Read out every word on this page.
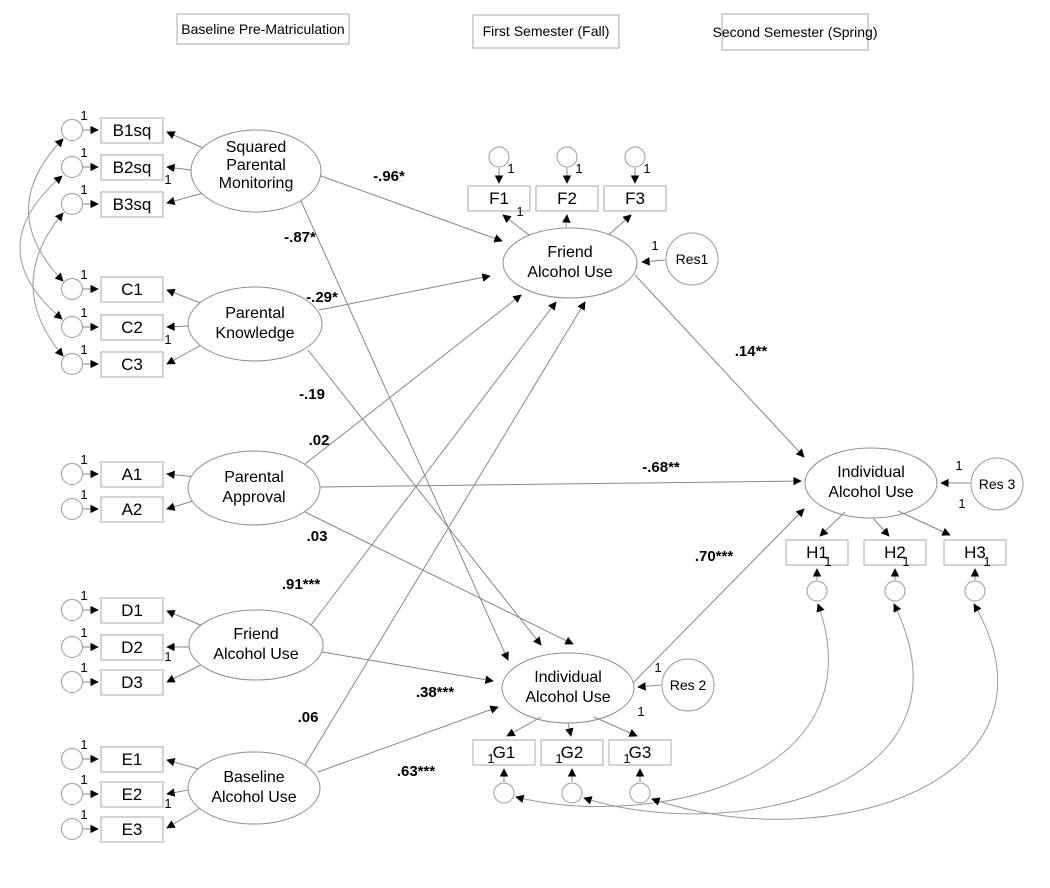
Baseline Pre-Matriculation	First Semester (Fall)	Second Semester (Spring)
-.96*
-.87*
-.29*
-.19
.02
-.68**
.03
.91***
.38***
.06
.63***
.14**
.70***
1
B1sq
1
B2sq
1
1
B3sq
1
C1
1
C2
1
1
C3
1
A1
1
A2
1
D1
1
D2 1
1
D3
1
E1
1
E2 1
1
E3
Squared
Parental
Monitoring
Parental
Knowledge
Parental
Approval
Friend
Alcohol Use
Baseline
Alcohol Use
1	1	1
F1	F2	F3
1
Friend
Alcohol Use
Res1
1
Individual
Alcohol Use
1
G1	G2	G3
1	1	1
Res 2
1
Individual
Alcohol Use
1
H1	H2	H3
1	1	1
Res 3
1
